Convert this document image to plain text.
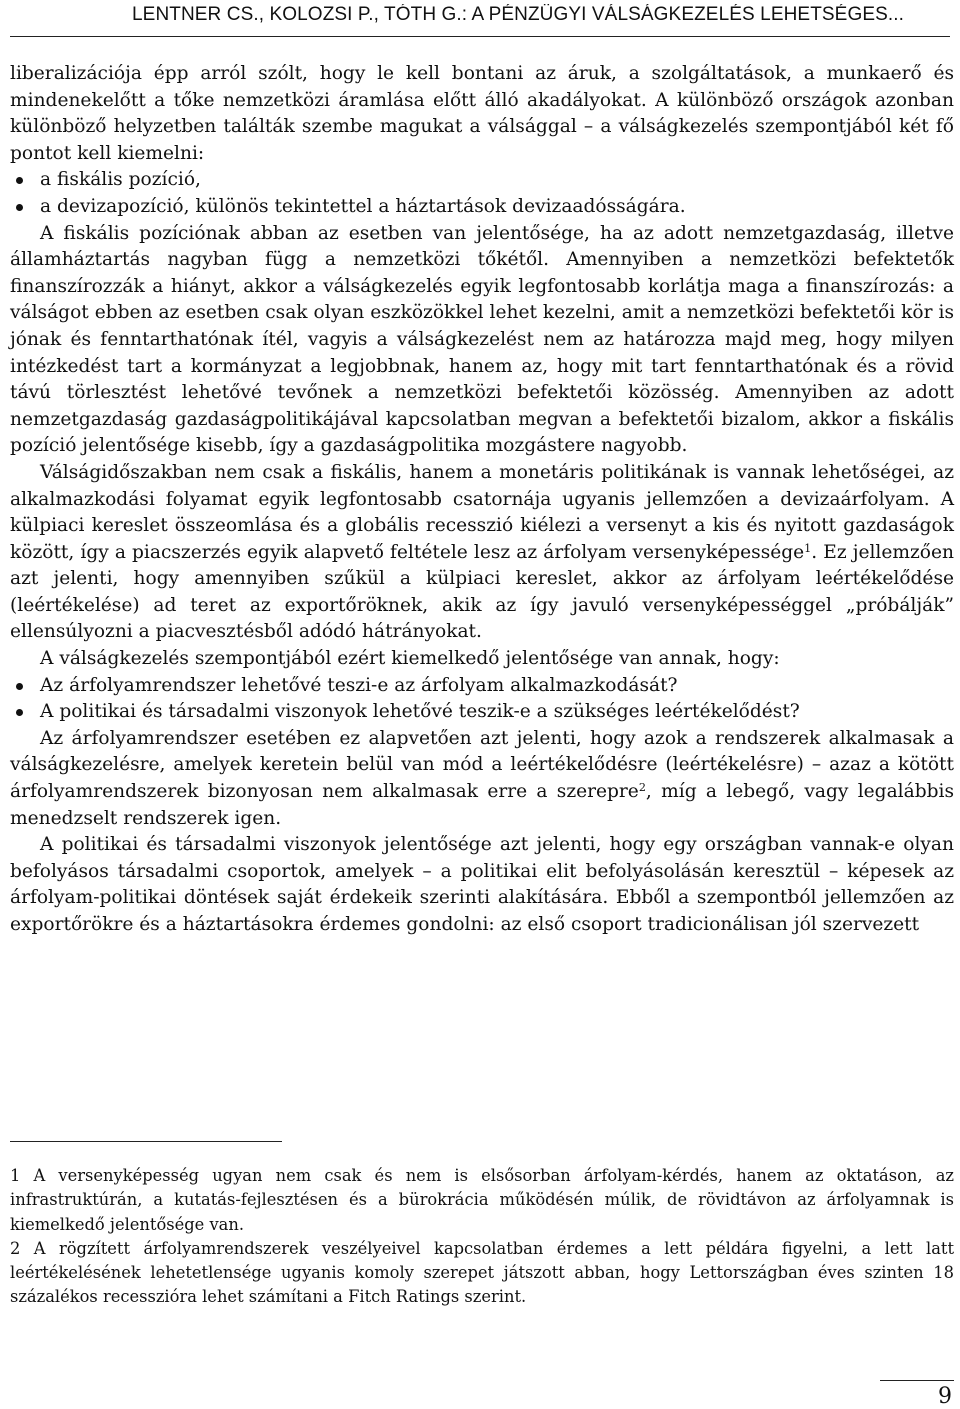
LENTNER CS., KOLOZSI P., TÓTH G.: A PÉNZÜGYI VÁLSÁGKEZELÉS LEHETSÉGES...

liberalizációja épp arról szólt, hogy le kell bontani az áruk, a szolgáltatások, a munkaerő és mindenekelőtt a tőke nemzetközi áramlása előtt álló akadályokat. A különböző országok azonban különböző helyzetben találták szembe magukat a válsággal – a válságkezelés szempontjából két fő pontot kell kiemelni:

a fiskális pozíció,
a devizapozíció, különös tekintettel a háztartások devizaadósságára.

A fiskális pozíciónak abban az esetben van jelentősége, ha az adott nemzetgazdaság, illetve államháztartás nagyban függ a nemzetközi tőkétől. Amennyiben a nemzetközi befektetők finanszírozzák a hiányt, akkor a válságkezelés egyik legfontosabb korlátja maga a finanszírozás: a válságot ebben az esetben csak olyan eszközökkel lehet kezelni, amit a nemzetközi befektetői kör is jónak és fenntarthatónak ítél, vagyis a válságkezelést nem az határozza majd meg, hogy milyen intézkedést tart a kormányzat a legjobbnak, hanem az, hogy mit tart fenntarthatónak és a rövid távú törlesztést lehetővé tevőnek a nemzetközi befektetői közösség. Amennyiben az adott nemzetgazdaság gazdaságpolitikájával kapcsolatban megvan a befektetői bizalom, akkor a fiskális pozíció jelentősége kisebb, így a gazdaságpolitika mozgástere nagyobb.

Válságidőszakban nem csak a fiskális, hanem a monetáris politikának is vannak lehetőségei, az alkalmazkodási folyamat egyik legfontosabb csatornája ugyanis jellemzően a devizaárfolyam. A külpiaci kereslet összeomlása és a globális recesszió kiélezi a versenyt a kis és nyitott gazdaságok között, így a piacszerzés egyik alapvető feltétele lesz az árfolyam versenyképessége$^1$. Ez jellemzően azt jelenti, hogy amennyiben szűkül a külpiaci kereslet, akkor az árfolyam leértékelődése (leértékelése) ad teret az exportőröknek, akik az így javuló versenyképességgel „próbálják” ellensúlyozni a piacvesztésből adódó hátrányokat.

A válságkezelés szempontjából ezért kiemelkedő jelentősége van annak, hogy:

Az árfolyamrendszer lehetővé teszi-e az árfolyam alkalmazkodását?
A politikai és társadalmi viszonyok lehetővé teszik-e a szükséges leértékelődést?

Az árfolyamrendszer esetében ez alapvetően azt jelenti, hogy azok a rendszerek alkalmasak a válságkezelésre, amelyek keretein belül van mód a leértékelődésre (leértékelésre) – azaz a kötött árfolyamrendszerek bizonyosan nem alkalmasak erre a szerepre$^2$, míg a lebegő, vagy legalábbis menedzselt rendszerek igen.

A politikai és társadalmi viszonyok jelentősége azt jelenti, hogy egy országban vannak-e olyan befolyásos társadalmi csoportok, amelyek – a politikai elit befolyásolásán keresztül – képesek az árfolyam-politikai döntések saját érdekeik szerinti alakítására. Ebből a szempontból jellemzően az exportőrökre és a háztartásokra érdemes gondolni: az első csoport tradicionálisan jól szervezett

1 A versenyképesség ugyan nem csak és nem is elsősorban árfolyam-kérdés, hanem az oktatáson, az infrastruktúrán, a kutatás-fejlesztésen és a bürokrácia működésén múlik, de rövidtávon az árfolyamnak is kiemelkedő jelentősége van.

2 A rögzített árfolyamrendszerek veszélyeivel kapcsolatban érdemes a lett példára figyelni, a lett latt leértékelésének lehetetlensége ugyanis komoly szerepet játszott abban, hogy Lettországban éves szinten 18 százalékos recesszióra lehet számítani a Fitch Ratings szerint.

9
